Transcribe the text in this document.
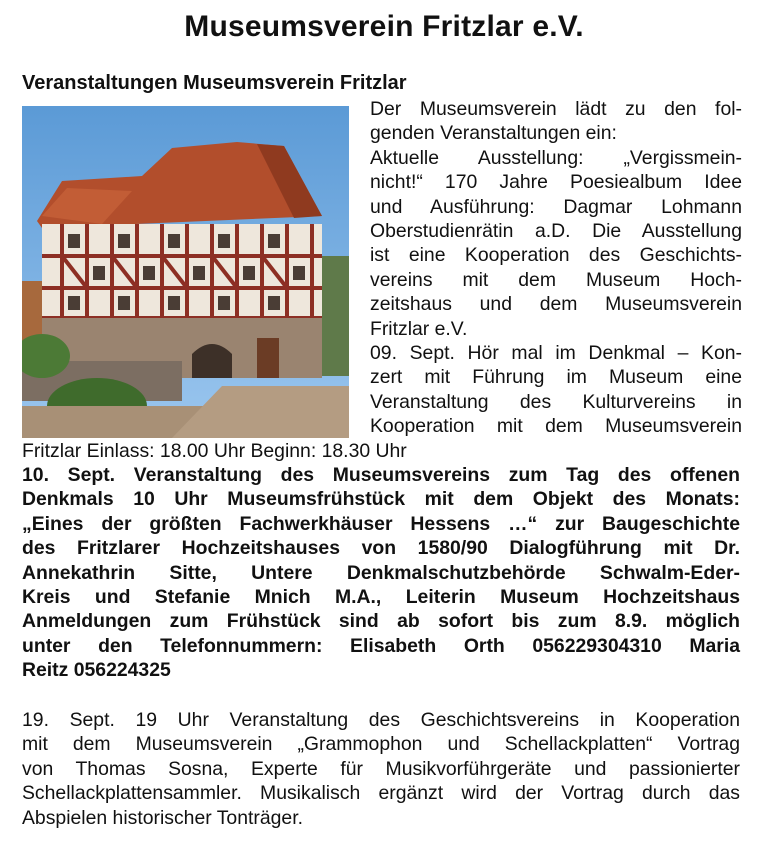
Museumsverein Fritzlar e.V.
Veranstaltungen Museumsverein Fritzlar
Der Museumsverein lädt zu den fol-
genden Veranstaltungen ein:
Aktuelle Ausstellung: „Vergissmein-
nicht!“ 170 Jahre Poesiealbum Idee
und Ausführung: Dagmar Lohmann
Oberstudienrätin a.D. Die Ausstellung
ist eine Kooperation des Geschichts-
vereins mit dem Museum Hoch-
zeitshaus und dem Museumsverein
Fritzlar e.V.
09. Sept. Hör mal im Denkmal – Kon-
zert mit Führung im Museum eine
Veranstaltung des Kulturvereins in
Kooperation mit dem Museumsverein
Fritzlar Einlass: 18.00 Uhr Beginn: 18.30 Uhr
10. Sept. Veranstaltung des Museumsvereins zum Tag des offenen
Denkmals 10 Uhr Museumsfrühstück mit dem Objekt des Monats:
„Eines der größten Fachwerkhäuser Hessens …“ zur Baugeschichte
des Fritzlarer Hochzeitshauses von 1580/90 Dialogführung mit Dr.
Annekathrin Sitte, Untere Denkmalschutzbehörde Schwalm-Eder-
Kreis und Stefanie Mnich M.A., Leiterin Museum Hochzeitshaus
Anmeldungen zum Frühstück sind ab sofort bis zum 8.9. möglich
unter den Telefonnummern: Elisabeth Orth 056229304310 Maria
Reitz 056224325
19. Sept. 19 Uhr Veranstaltung des Geschichtsvereins in Kooperation
mit dem Museumsverein „Grammophon und Schellackplatten“ Vortrag
von Thomas Sosna, Experte für Musikvorführgeräte und passionierter
Schellackplattensammler. Musikalisch ergänzt wird der Vortrag durch das
Abspielen historischer Tonträger.
